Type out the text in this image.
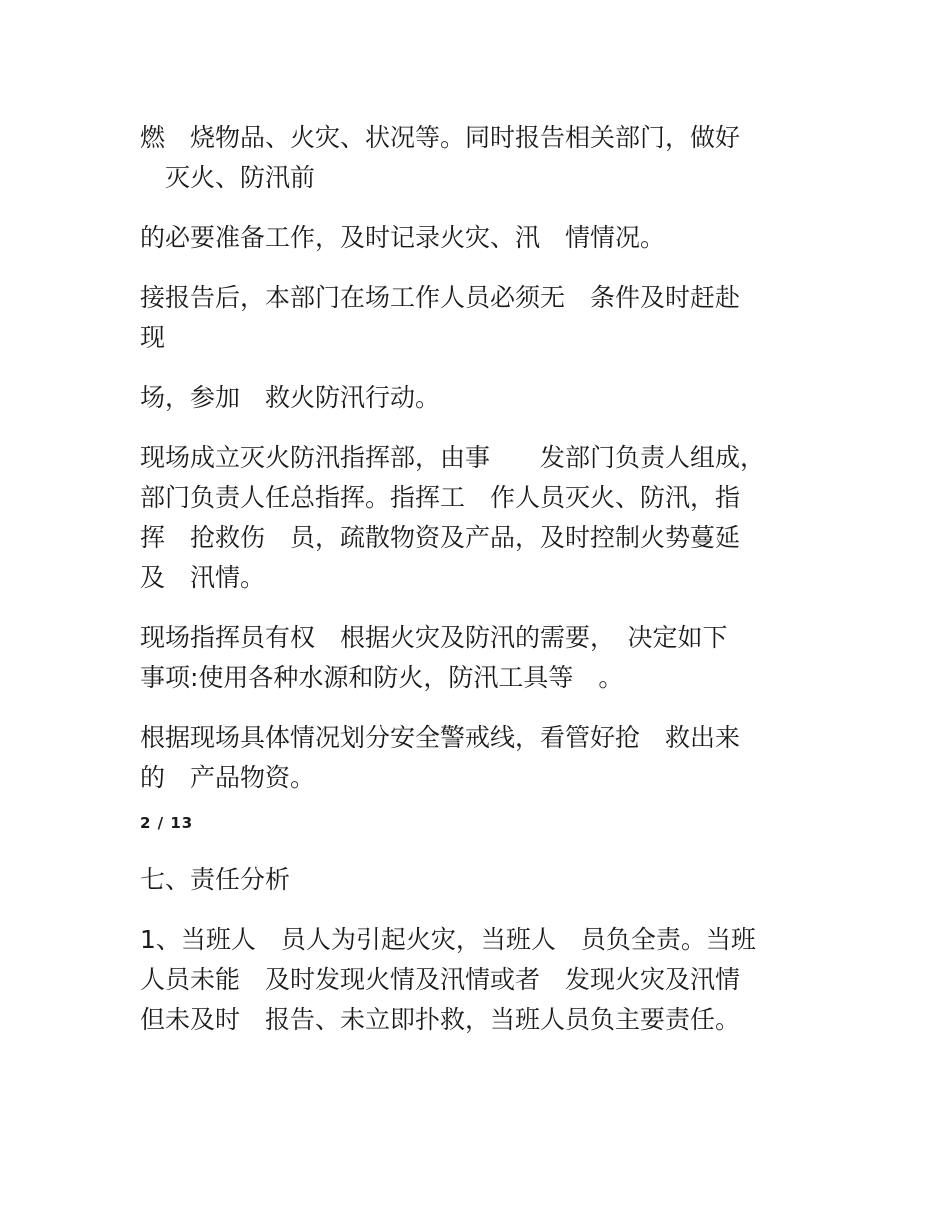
燃　烧物品、火灾、状况等。同时报告相关部门，做好
　灭火、防汛前

的必要准备工作，及时记录火灾、汛　情情况。

接报告后，本部门在场工作人员必须无　条件及时赶赴
现

场，参加　救火防汛行动。

现场成立灭火防汛指挥部，由事　　发部门负责人组成，
部门负责人任总指挥。指挥工　作人员灭火、防汛，指
挥　抢救伤　员，疏散物资及产品，及时控制火势蔓延
及　汛情。

现场指挥员有权　根据火灾及防汛的需要，　决定如下
事项:使用各种水源和防火，防汛工具等　。

根据现场具体情况划分安全警戒线，看管好抢　救出来
的　产品物资。

2 / 13

七、责任分析

1、当班人　员人为引起火灾，当班人　员负全责。当班
人员未能　及时发现火情及汛情或者　发现火灾及汛情
但未及时　报告、未立即扑救，当班人员负主要责任。
